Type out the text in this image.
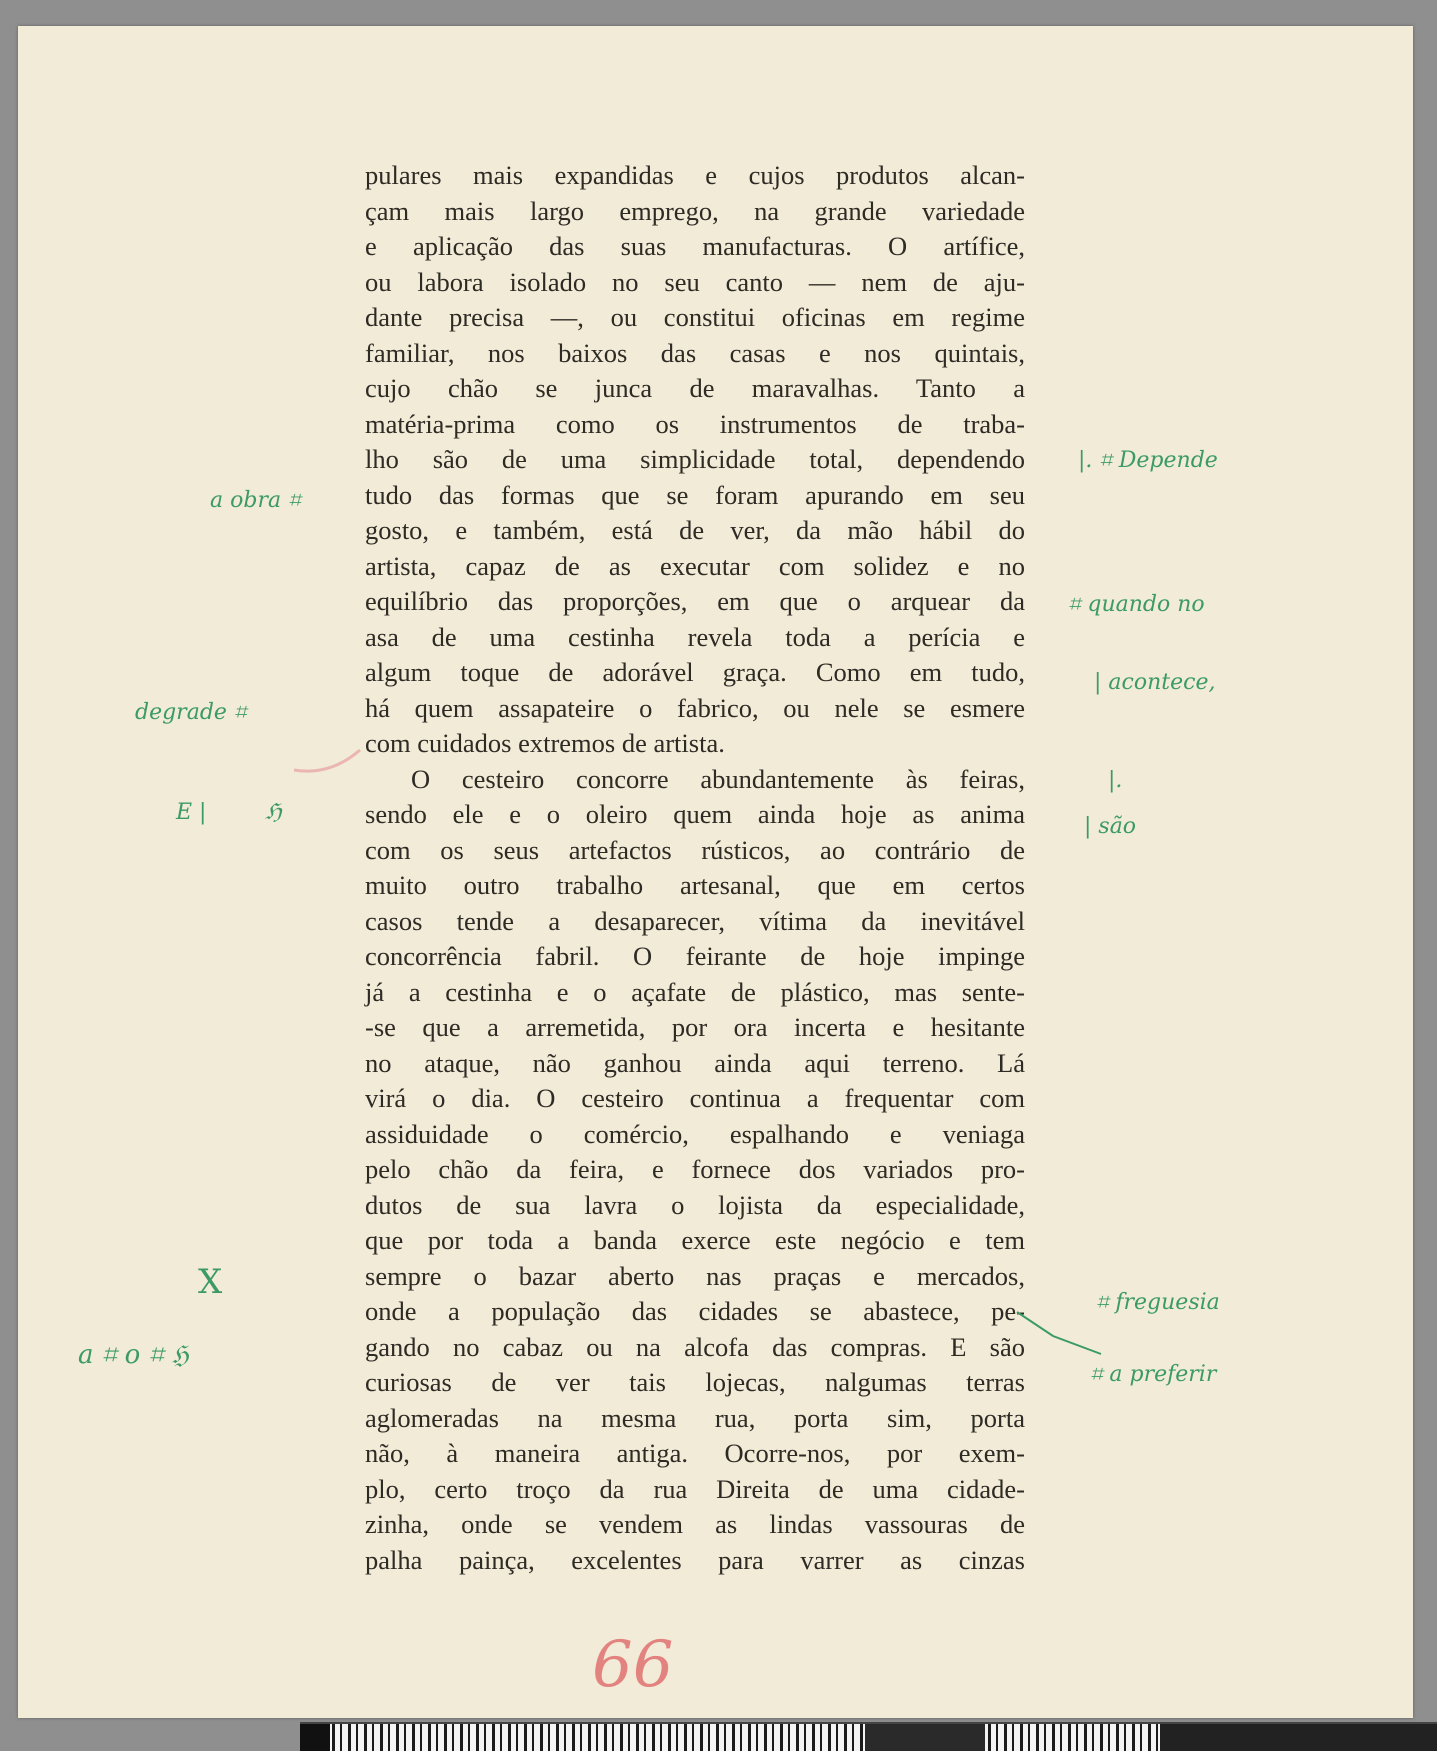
pulares mais expandidas e cujos produtos alcan-
çam mais largo emprego, na grande variedade
e aplicação das suas manufacturas. O artífice,
ou labora isolado no seu canto — nem de aju-
dante precisa —, ou constitui oficinas em regime
familiar, nos baixos das casas e nos quintais,
cujo chão se junca de maravalhas. Tanto a
matéria-prima como os instrumentos de traba-
lho são de uma simplicidade total, dependendo
tudo das formas que se foram apurando em seu
gosto, e também, está de ver, da mão hábil do
artista, capaz de as executar com solidez e no
equilíbrio das proporções, em que o arquear da
asa de uma cestinha revela toda a perícia e
algum toque de adorável graça. Como em tudo,
há quem assapateire o fabrico, ou nele se esmere
com cuidados extremos de artista.
O cesteiro concorre abundantemente às feiras,
sendo ele e o oleiro quem ainda hoje as anima
com os seus artefactos rústicos, ao contrário de
muito outro trabalho artesanal, que em certos
casos tende a desaparecer, vítima da inevitável
concorrência fabril. O feirante de hoje impinge
já a cestinha e o açafate de plástico, mas sente-
-se que a arremetida, por ora incerta e hesitante
no ataque, não ganhou ainda aqui terreno. Lá
virá o dia. O cesteiro continua a frequentar com
assiduidade o comércio, espalhando e veniaga
pelo chão da feira, e fornece dos variados pro-
dutos de sua lavra o lojista da especialidade,
que por toda a banda exerce este negócio e tem
sempre o bazar aberto nas praças e mercados,
onde a população das cidades se abastece, pe-
gando no cabaz ou na alcofa das compras. E são
curiosas de ver tais lojecas, nalgumas terras
aglomeradas na mesma rua, porta sim, porta
não, à maneira antiga. Ocorre-nos, por exem-
plo, certo troço da rua Direita de uma cidade-
zinha, onde se vendem as lindas vassouras de
palha painça, excelentes para varrer as cinzas
a obra ⌗
degrade ⌗
E |	ℌ
X
a ⌗ o ⌗ ℌ
|. ⌗ Depende
⌗ quando no
| acontece,
|.
| são
⌗ freguesia
⌗ a preferir
66
